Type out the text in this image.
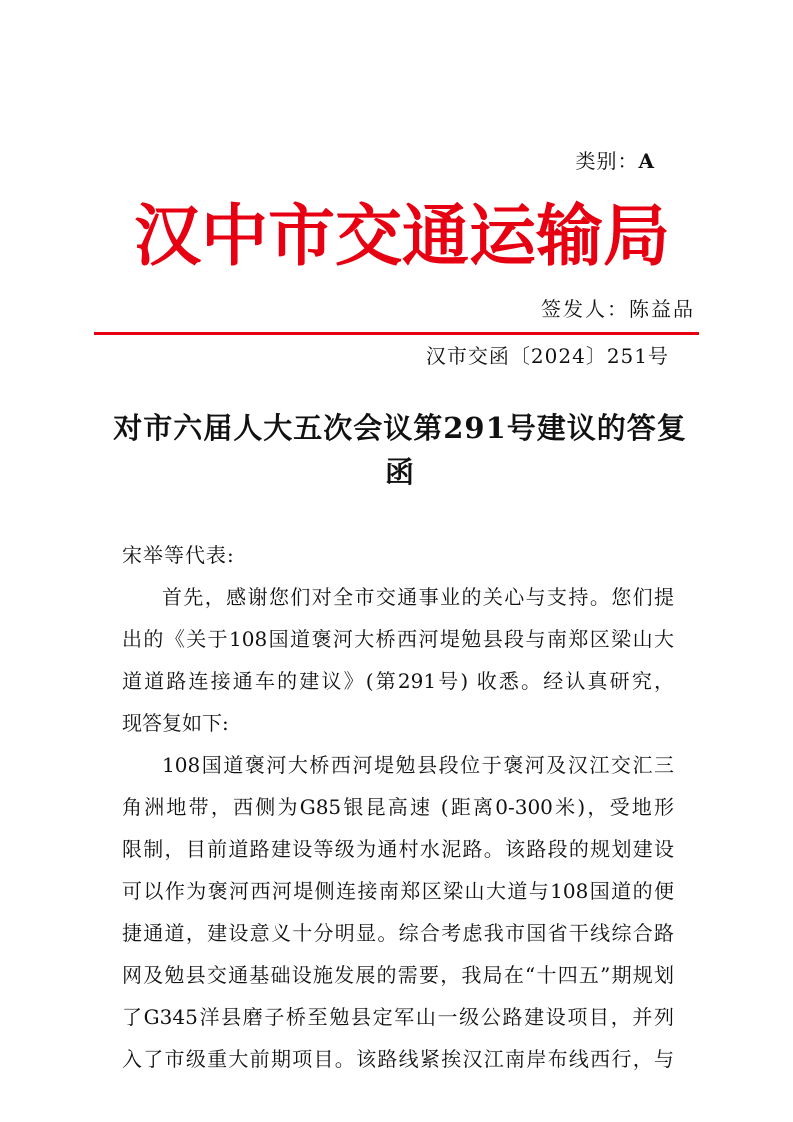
类别：A
汉中市交通运输局
签发人：陈益品
汉市交函〔2024〕251号
对市六届人大五次会议第291号建议的答复
函
宋举等代表:
首先，感谢您们对全市交通事业的关心与支持。您们提
出的《关于108国道褒河大桥西河堤勉县段与南郑区梁山大
道道路连接通车的建议》(第291号) 收悉。经认真研究，
现答复如下:
108国道褒河大桥西河堤勉县段位于褒河及汉江交汇三
角洲地带，西侧为G85银昆高速 (距离0-300米)，受地形
限制，目前道路建设等级为通村水泥路。该路段的规划建设
可以作为褒河西河堤侧连接南郑区梁山大道与108国道的便
捷通道，建设意义十分明显。综合考虑我市国省干线综合路
网及勉县交通基础设施发展的需要，我局在“十四五”期规划
了G345洋县磨子桥至勉县定军山一级公路建设项目，并列
入了市级重大前期项目。该路线紧挨汉江南岸布线西行，与
